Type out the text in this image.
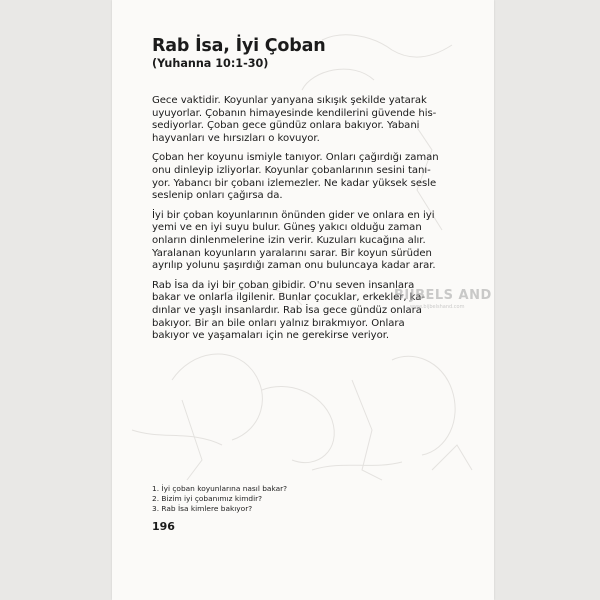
Rab İsa, İyi Çoban
(Yuhanna 10:1-30)

Gece vaktidir. Koyunlar yanyana sıkışık şekilde yatarak
uyuyorlar. Çobanın himayesinde kendilerini güvende his-
sediyorlar. Çoban gece gündüz onlara bakıyor. Yabani
hayvanları ve hırsızları o kovuyor.

Çoban her koyunu ismiyle tanıyor. Onları çağırdığı zaman
onu dinleyip izliyorlar. Koyunlar çobanlarının sesini tanı-
yor. Yabancı bir çobanı izlemezler. Ne kadar yüksek sesle
seslenip onları çağırsa da.

İyi bir çoban koyunlarının önünden gider ve onlara en iyi
yemi ve en iyi suyu bulur. Güneş yakıcı olduğu zaman
onların dinlenmelerine izin verir. Kuzuları kucağına alır.
Yaralanan koyunların yaralarını sarar. Bir koyun sürüden
ayrılıp yolunu şaşırdığı zaman onu buluncaya kadar arar.

Rab İsa da iyi bir çoban gibidir. O'nu seven insanlara
bakar ve onlarla ilgilenir. Bunlar çocuklar, erkekler, ka-
dınlar ve yaşlı insanlardır. Rab İsa gece gündüz onlara
bakıyor. Bir an bile onları yalnız bırakmıyor. Onlara
bakıyor ve yaşamaları için ne gerekirse veriyor.

BIJBELS AND
www.bijbelshand.com
1. İyi çoban koyunlarına nasıl bakar?
2. Bizim iyi çobanımız kimdir?
3. Rab İsa kimlere bakıyor?
196
